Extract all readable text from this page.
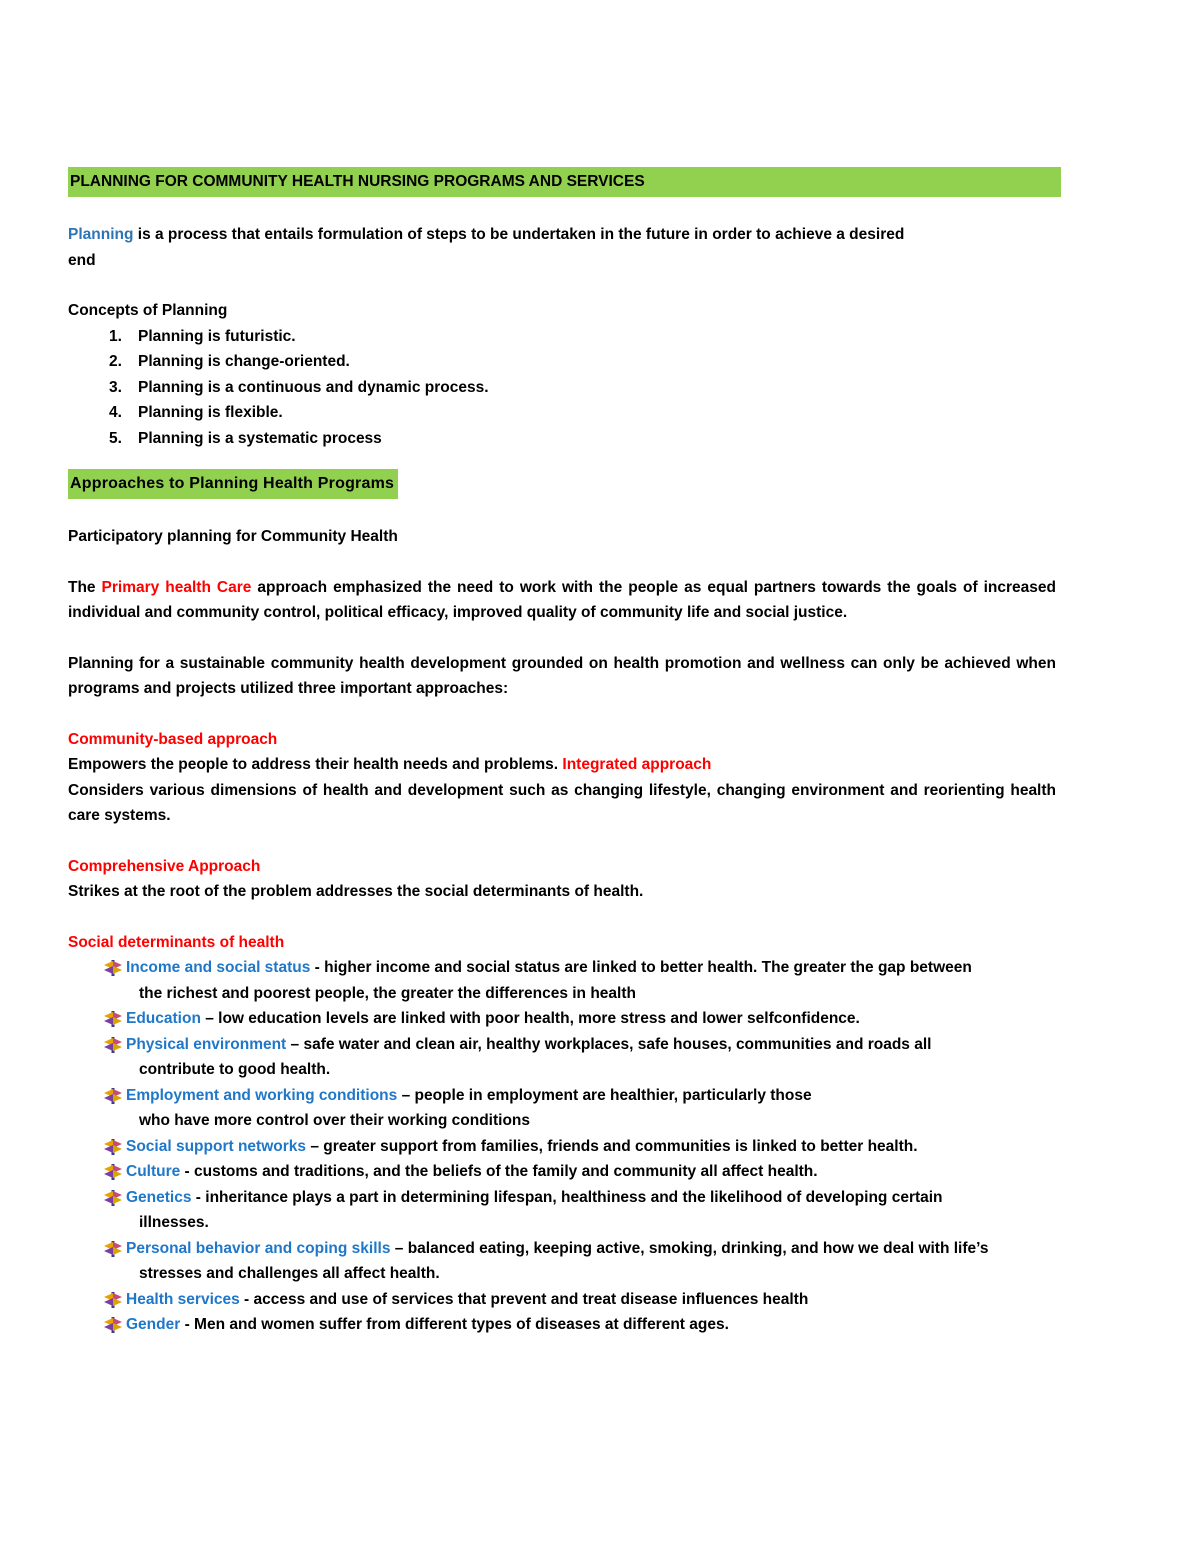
PLANNING FOR COMMUNITY HEALTH NURSING PROGRAMS AND SERVICES

Planning is a process that entails formulation of steps to be undertaken in the future in order to achieve a desired

end

Concepts of Planning

1. Planning is futuristic.
2. Planning is change-oriented.
3. Planning is a continuous and dynamic process.
4. Planning is flexible.
5. Planning is a systematic process
Approaches to Planning Health Programs

Participatory planning for Community Health

The Primary health Care approach emphasized the need to work with the people as equal partners towards the goals of increased individual and community control, political efficacy, improved quality of community life and social justice.

Planning for a sustainable community health development grounded on health promotion and wellness can only be achieved when programs and projects utilized three important approaches:

Community-based approach

Empowers the people to address their health needs and problems. Integrated approach

Considers various dimensions of health and development such as changing lifestyle, changing environment and reorienting health care systems.

Comprehensive Approach

Strikes at the root of the problem addresses the social determinants of health.

Social determinants of health

Income and social status - higher income and social status are linked to better health. The greater the gap between
the richest and poorest people, the greater the differences in health
Education – low education levels are linked with poor health, more stress and lower selfconfidence.
Physical environment – safe water and clean air, healthy workplaces, safe houses, communities and roads all
contribute to good health.
Employment and working conditions – people in employment are healthier, particularly those
who have more control over their working conditions
Social support networks – greater support from families, friends and communities is linked to better health.
Culture - customs and traditions, and the beliefs of the family and community all affect health.
Genetics - inheritance plays a part in determining lifespan, healthiness and the likelihood of developing certain
illnesses.
Personal behavior and coping skills – balanced eating, keeping active, smoking, drinking, and how we deal with life’s
stresses and challenges all affect health.
Health services - access and use of services that prevent and treat disease influences health
Gender - Men and women suffer from different types of diseases at different ages.
